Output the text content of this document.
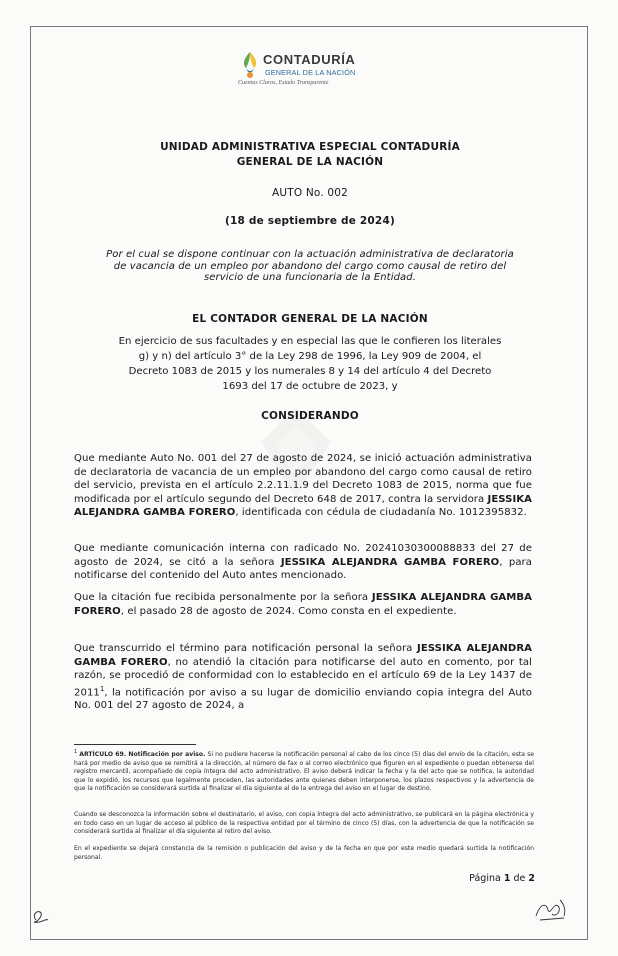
CONTADURÍA
GENERAL DE LA NACIÓN
Cuentas Claras, Estado Transparente
UNIDAD ADMINISTRATIVA ESPECIAL CONTADURÍA
GENERAL DE LA NACIÓN
AUTO No. 002
(18 de septiembre de 2024)
Por el cual se dispone continuar con la actuación administrativa de declaratoria
de vacancia de un empleo por abandono del cargo como causal de retiro del
servicio de una funcionaria de la Entidad.
EL CONTADOR GENERAL DE LA NACIÓN
En ejercicio de sus facultades y en especial las que le confieren los literales
g) y n) del artículo 3° de la Ley 298 de 1996, la Ley 909 de 2004, el
Decreto 1083 de 2015 y los numerales 8 y 14 del artículo 4 del Decreto
1693 del 17 de octubre de 2023, y
CONSIDERANDO
Que mediante Auto No. 001 del 27 de agosto de 2024, se inició actuación administrativa de declaratoria de vacancia de un empleo por abandono del cargo como causal de retiro del servicio, prevista en el artículo 2.2.11.1.9 del Decreto 1083 de 2015, norma que fue modificada por el artículo segundo del Decreto 648 de 2017, contra la servidora JESSIKA ALEJANDRA GAMBA FORERO, identificada con cédula de ciudadanía No. 1012395832.
Que mediante comunicación interna con radicado No. 20241030300088833 del 27 de agosto de 2024, se citó a la señora JESSIKA ALEJANDRA GAMBA FORERO, para notificarse del contenido del Auto antes mencionado.
Que la citación fue recibida personalmente por la señora JESSIKA ALEJANDRA GAMBA FORERO, el pasado 28 de agosto de 2024. Como consta en el expediente.
Que transcurrido el término para notificación personal la señora JESSIKA ALEJANDRA GAMBA FORERO, no atendió la citación para notificarse del auto en comento, por tal razón, se procedió de conformidad con lo establecido en el artículo 69 de la Ley 1437 de 2011$^1$, la notificación por aviso a su lugar de domicilio enviando copia integra del Auto No. 001 del 27 agosto de 2024, a
$^1$ ARTÍCULO 69. Notificación por aviso. Si no pudiere hacerse la notificación personal al cabo de los cinco (5) días del envío de la citación, esta se hará por medio de aviso que se remitirá a la dirección, al número de fax o al correo electrónico que figuren en el expediente o puedan obtenerse del registro mercantil, acompañado de copia íntegra del acto administrativo. El aviso deberá indicar la fecha y la del acto que se notifica, la autoridad que lo expidió, los recursos que legalmente proceden, las autoridades ante quienes deben interponerse, los plazos respectivos y la advertencia de que la notificación se considerará surtida al finalizar el día siguiente al de la entrega del aviso en el lugar de destino.
Cuando se desconozca la información sobre el destinatario, el aviso, con copia íntegra del acto administrativo, se publicará en la página electrónica y en todo caso en un lugar de acceso al público de la respectiva entidad por el término de cinco (5) días, con la advertencia de que la notificación se considerará surtida al finalizar el día siguiente al retiro del aviso.
En el expediente se dejará constancia de la remisión o publicación del aviso y de la fecha en que por este medio quedará surtida la notificación personal.
Página 1 de 2
